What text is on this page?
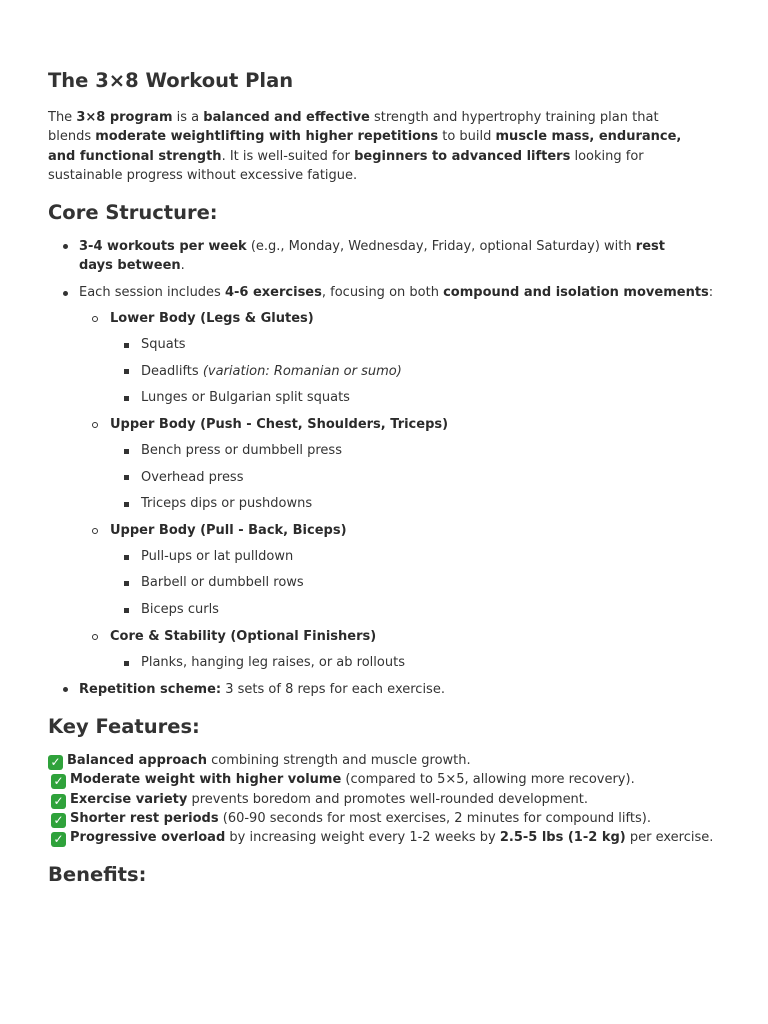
The 3×8 Workout Plan

The 3×8 program is a balanced and effective strength and hypertrophy training plan that blends moderate weightlifting with higher repetitions to build muscle mass, endurance, and functional strength. It is well-suited for beginners to advanced lifters looking for sustainable progress without excessive fatigue.

Core Structure:
3-4 workouts per week (e.g., Monday, Wednesday, Friday, optional Saturday) with rest days between.
Each session includes 4-6 exercises, focusing on both compound and isolation movements:
Lower Body (Legs & Glutes)
Squats
Deadlifts (variation: Romanian or sumo)
Lunges or Bulgarian split squats
Upper Body (Push - Chest, Shoulders, Triceps)
Bench press or dumbbell press
Overhead press
Triceps dips or pushdowns
Upper Body (Pull - Back, Biceps)
Pull-ups or lat pulldown
Barbell or dumbbell rows
Biceps curls
Core & Stability (Optional Finishers)
Planks, hanging leg raises, or ab rollouts
Repetition scheme: 3 sets of 8 reps for each exercise.
Key Features:
✓ Balanced approach combining strength and muscle growth.
✓ Moderate weight with higher volume (compared to 5×5, allowing more recovery).
✓ Exercise variety prevents boredom and promotes well-rounded development.
✓ Shorter rest periods (60-90 seconds for most exercises, 2 minutes for compound lifts).
✓ Progressive overload by increasing weight every 1-2 weeks by 2.5-5 lbs (1-2 kg) per exercise.
Benefits:
